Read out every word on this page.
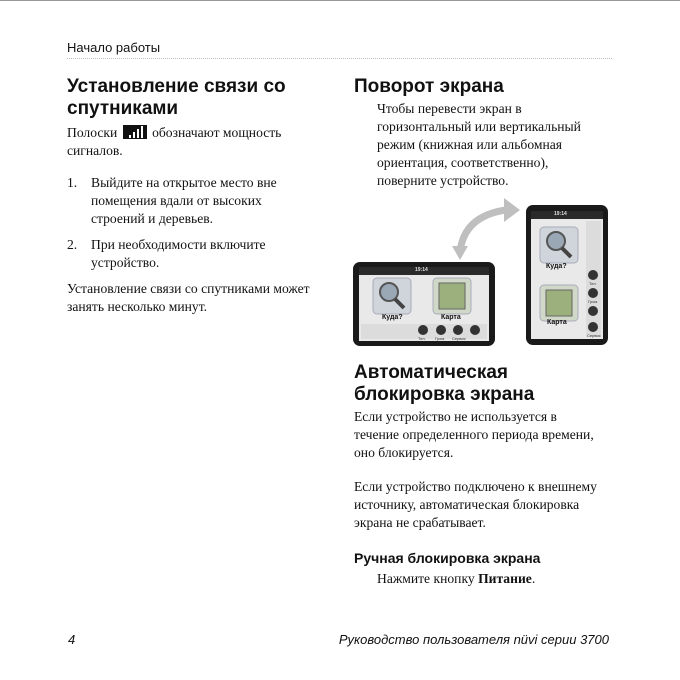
Начало работы
Установление связи со
спутниками
Полоски	обозначают мощность
сигналов.
1. Выйдите на открытое место вне
помещения вдали от высоких
строений и деревьев.
2. При необходимости включите
устройство.
Установление связи со спутниками может
занять несколько минут.
Поворот экрана
Чтобы перевести экран в
горизонтальный или вертикальный
режим (книжная или альбомная
ориентация, соответственно),
поверните устройство.
19:14
Куда?	Карта
Тел. Гром. Сервис
19:14
Куда?
Карта
Тел.
Гром.
Сервис
Автоматическая
блокировка экрана
Если устройство не используется в
течение определенного периода времени,
оно блокируется.
Если устройство подключено к внешнему
источнику, автоматическая блокировка
экрана не срабатывает.
Ручная блокировка экрана
Нажмите кнопку Питание.
4	Руководство пользователя nüvi серии 3700
